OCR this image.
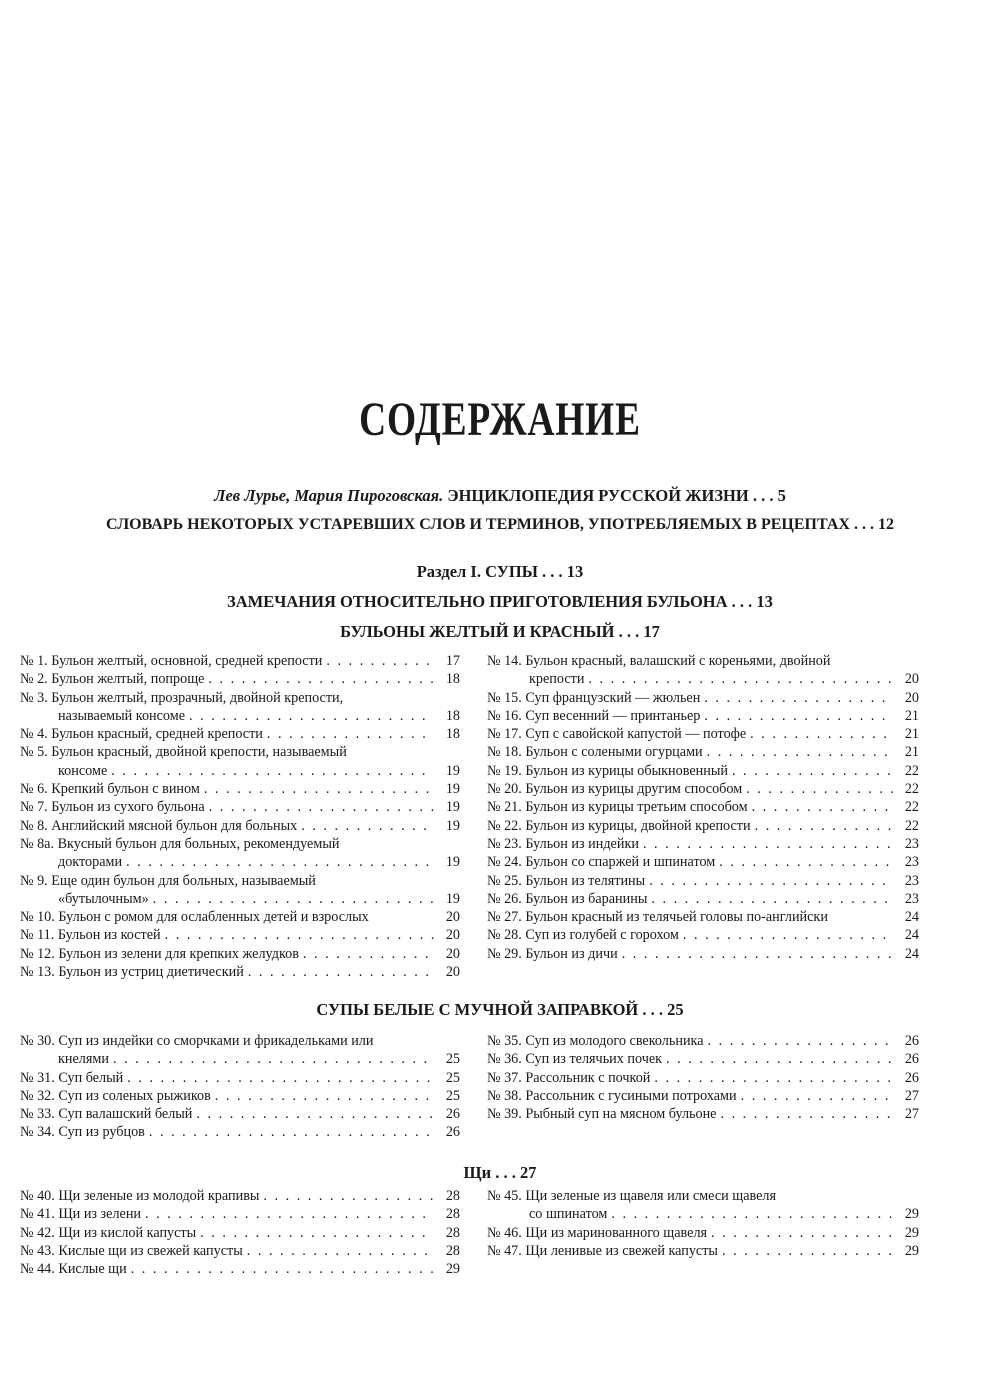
СОДЕРЖАНИЕ
Лев Лурье, Мария Пироговская. ЭНЦИКЛОПЕДИЯ РУССКОЙ ЖИЗНИ . . . 5
СЛОВАРЬ НЕКОТОРЫХ УСТАРЕВШИХ СЛОВ И ТЕРМИНОВ, УПОТРЕБЛЯЕМЫХ В РЕЦЕПТАХ . . . 12
Раздел I. СУПЫ . . . 13
ЗАМЕЧАНИЯ ОТНОСИТЕЛЬНО ПРИГОТОВЛЕНИЯ БУЛЬОНА . . . 13
БУЛЬОНЫ ЖЕЛТЫЙ И КРАСНЫЙ . . . 17
№ 1. Бульон желтый, основной, средней крепости . . .	17
№ 2. Бульон желтый, попроще . . .	18
№ 3. Бульон желтый, прозрачный, двойной крепости,
называемый консоме . . .	18
№ 4. Бульон красный, средней крепости . . .	18
№ 5. Бульон красный, двойной крепости, называемый
консоме . . .	19
№ 6. Крепкий бульон с вином . . .	19
№ 7. Бульон из сухого бульона . . .	19
№ 8. Английский мясной бульон для больных . . .	19
№ 8а. Вкусный бульон для больных, рекомендуемый
докторами . . .	19
№ 9. Еще один бульон для больных, называемый
«бутылочным» . . .	19
№ 10. Бульон с ромом для ослабленных детей и взрослых	20
№ 11. Бульон из костей . . .	20
№ 12. Бульон из зелени для крепких желудков . . .	20
№ 13. Бульон из устриц диетический . . .	20
№ 14. Бульон красный, валашский с кореньями, двойной
крепости . . .	20
№ 15. Суп французский — жюльен . . .	20
№ 16. Суп весенний — принтаньер . . .	21
№ 17. Суп с савойской капустой — потофе . . .	21
№ 18. Бульон с солеными огурцами . . .	21
№ 19. Бульон из курицы обыкновенный . . .	22
№ 20. Бульон из курицы другим способом . . .	22
№ 21. Бульон из курицы третьим способом . . .	22
№ 22. Бульон из курицы, двойной крепости . . .	22
№ 23. Бульон из индейки . . .	23
№ 24. Бульон со спаржей и шпинатом . . .	23
№ 25. Бульон из телятины . . .	23
№ 26. Бульон из баранины . . .	23
№ 27. Бульон красный из телячьей головы по-английски	24
№ 28. Суп из голубей с горохом . . .	24
№ 29. Бульон из дичи . . .	24
СУПЫ БЕЛЫЕ С МУЧНОЙ ЗАПРАВКОЙ . . . 25
№ 30. Суп из индейки со сморчками и фрикадельками или
кнелями . . .	25
№ 31. Суп белый . . .	25
№ 32. Суп из соленых рыжиков . . .	25
№ 33. Суп валашский белый . . .	26
№ 34. Суп из рубцов . . .	26
№ 35. Суп из молодого свекольника . . .	26
№ 36. Суп из телячьих почек . . .	26
№ 37. Рассольник с почкой . . .	26
№ 38. Рассольник с гусиными потрохами . . .	27
№ 39. Рыбный суп на мясном бульоне . . .	27
Щи . . . 27
№ 40. Щи зеленые из молодой крапивы . . .	28
№ 41. Щи из зелени . . .	28
№ 42. Щи из кислой капусты . . .	28
№ 43. Кислые щи из свежей капусты . . .	28
№ 44. Кислые щи . . .	29
№ 45. Щи зеленые из щавеля или смеси щавеля
со шпинатом . . .	29
№ 46. Щи из маринованного щавеля . . .	29
№ 47. Щи ленивые из свежей капусты . . .	29
